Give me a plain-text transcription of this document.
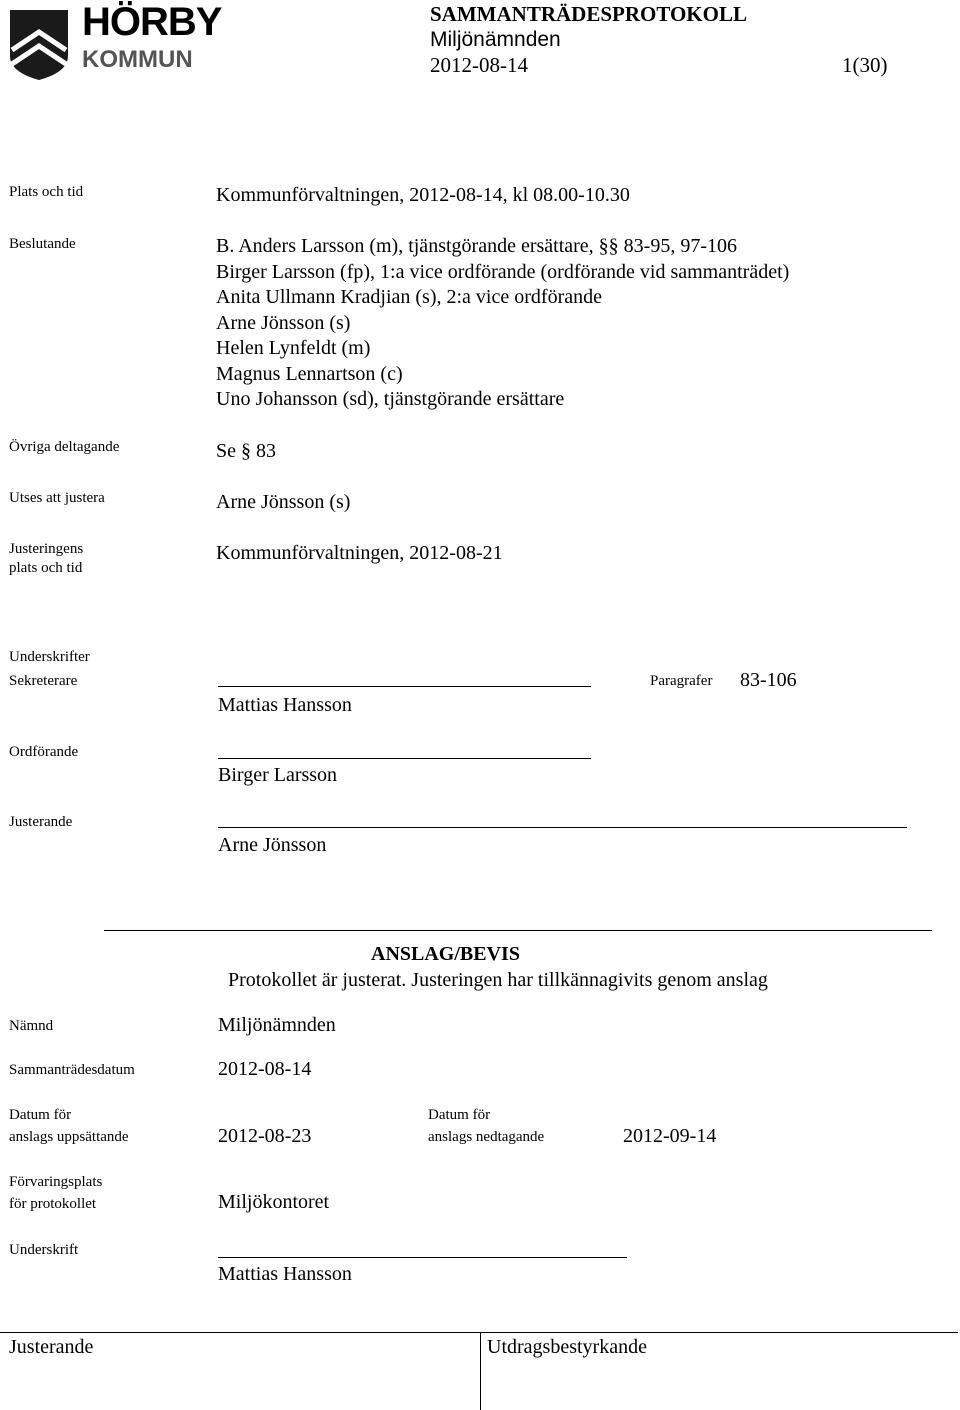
HÖRBY
KOMMUN
SAMMANTRÄDESPROTOKOLL
Miljönämnden
2012-08-14	1(30)
Plats och tid	Kommunförvaltningen, 2012-08-14, kl 08.00-10.30
Beslutande	B. Anders Larsson (m), tjänstgörande ersättare, §§ 83-95, 97-106
Birger Larsson (fp), 1:a vice ordförande (ordförande vid sammanträdet)
Anita Ullmann Kradjian (s), 2:a vice ordförande
Arne Jönsson (s)
Helen Lynfeldt (m)
Magnus Lennartson (c)
Uno Johansson (sd), tjänstgörande ersättare
Övriga deltagande	Se § 83
Utses att justera	Arne Jönsson (s)
Justeringens
plats och tid
Kommunförvaltningen, 2012-08-21
Underskrifter
Sekreterare
Mattias Hansson
Paragrafer 83-106
Ordförande
Birger Larsson
Justerande
Arne Jönsson
ANSLAG/BEVIS
Protokollet är justerat. Justeringen har tillkännagivits genom anslag
Nämnd	Miljönämnden
Sammanträdesdatum	2012-08-14
Datum för
anslags uppsättande	2012-08-23
Datum för
anslags nedtagande	2012-09-14
Förvaringsplats
för protokollet	Miljökontoret
Underskrift
Mattias Hansson
Justerande	Utdragsbestyrkande
